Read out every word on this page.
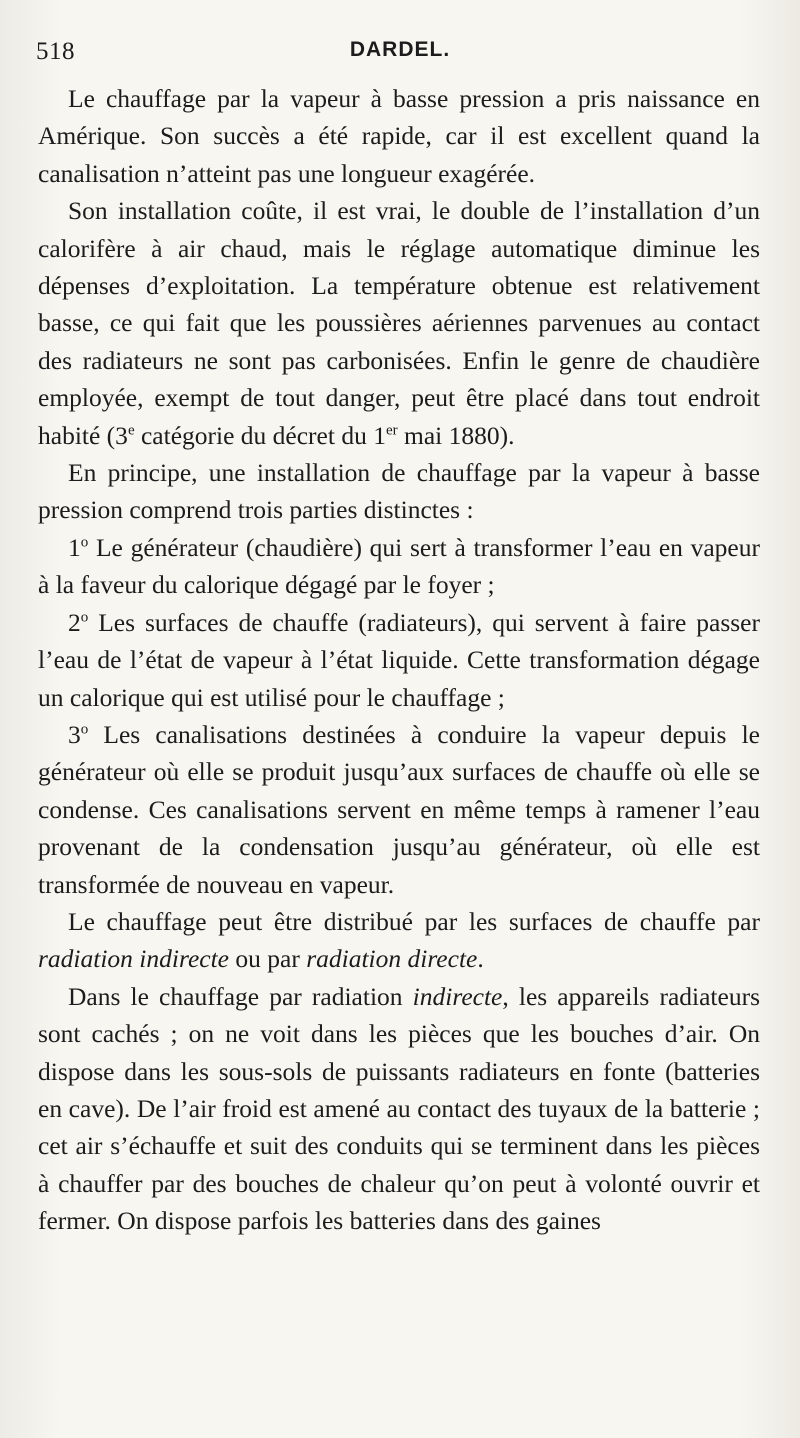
518	DARDEL.

Le chauffage par la vapeur à basse pression a pris naissance en Amérique. Son succès a été rapide, car il est excellent quand la canalisation n’atteint pas une longueur exagérée.

Son installation coûte, il est vrai, le double de l’installation d’un calorifère à air chaud, mais le réglage automatique diminue les dépenses d’exploitation. La température obtenue est relativement basse, ce qui fait que les poussières aériennes parvenues au contact des radiateurs ne sont pas carbonisées. Enfin le genre de chaudière employée, exempt de tout danger, peut être placé dans tout endroit habité (3e catégorie du décret du 1er mai 1880).

En principe, une installation de chauffage par la vapeur à basse pression comprend trois parties distinctes :

1$^o$ Le générateur (chaudière) qui sert à transformer l’eau en vapeur à la faveur du calorique dégagé par le foyer ;

2$^o$ Les surfaces de chauffe (radiateurs), qui servent à faire passer l’eau de l’état de vapeur à l’état liquide. Cette transformation dégage un calorique qui est utilisé pour le chauffage ;

3$^o$ Les canalisations destinées à conduire la vapeur depuis le générateur où elle se produit jusqu’aux surfaces de chauffe où elle se condense. Ces canalisations servent en même temps à ramener l’eau provenant de la condensation jusqu’au générateur, où elle est transformée de nouveau en vapeur.

Le chauffage peut être distribué par les surfaces de chauffe par radiation indirecte ou par radiation directe.

Dans le chauffage par radiation indirecte, les appareils radiateurs sont cachés ; on ne voit dans les pièces que les bouches d’air. On dispose dans les sous-sols de puissants radiateurs en fonte (batteries en cave). De l’air froid est amené au contact des tuyaux de la batterie ; cet air s’échauffe et suit des conduits qui se terminent dans les pièces à chauffer par des bouches de chaleur qu’on peut à volonté ouvrir et fermer. On dispose parfois les batteries dans des gaines
